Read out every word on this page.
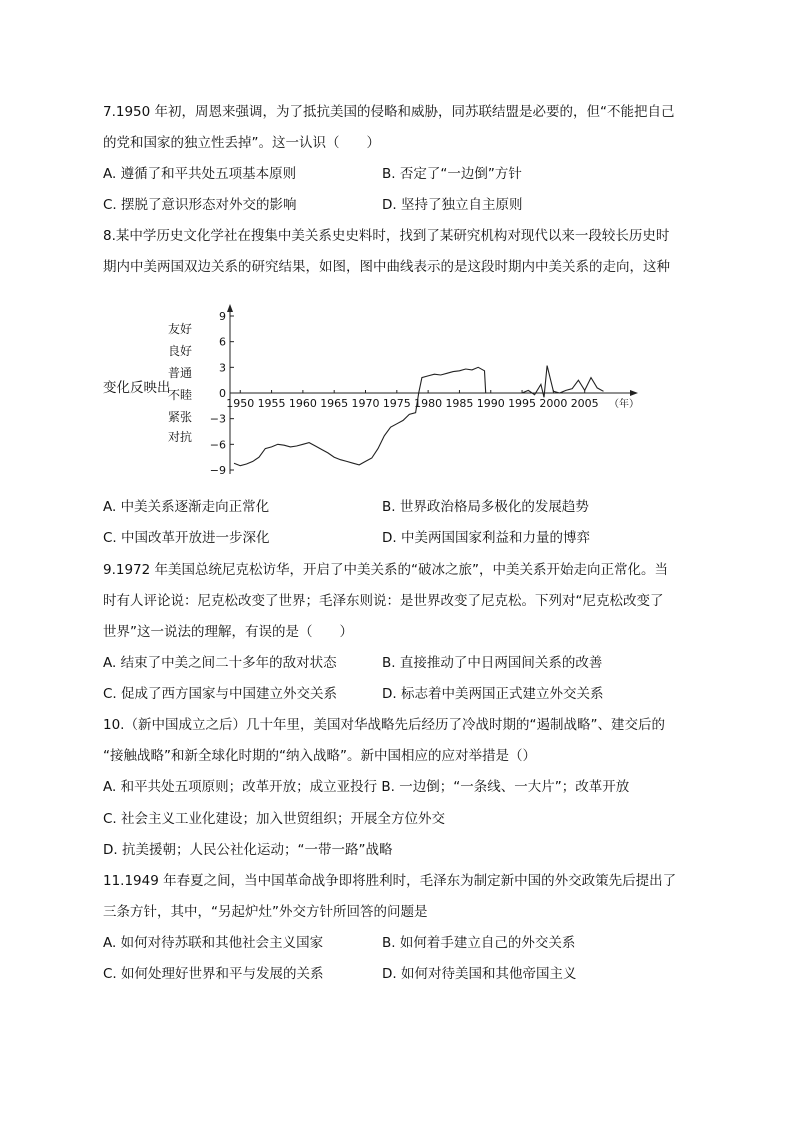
7.1950 年初，周恩来强调，为了抵抗美国的侵略和威胁，同苏联结盟是必要的，但“不能把自己
的党和国家的独立性丢掉”。这一认识（　　）
A. 遵循了和平共处五项基本原则	B. 否定了“一边倒”方针
C. 摆脱了意识形态对外交的影响	D. 坚持了独立自主原则
8.某中学历史文化学社在搜集中美关系史史料时，找到了某研究机构对现代以来一段较长历史时
期内中美两国双边关系的研究结果，如图，图中曲线表示的是这段时期内中美关系的走向，这种
变化反映出
友好
良好
普通
不睦
紧张
对抗
9
6
3
0
−3
−6
−9
1950 1955 1960 1965 1970 1975 1980 1985 1990 1995 2000 2005 （年）
A. 中美关系逐渐走向正常化	B. 世界政治格局多极化的发展趋势
C. 中国改革开放进一步深化	D. 中美两国国家利益和力量的博弈
9.1972 年美国总统尼克松访华，开启了中美关系的“破冰之旅”，中美关系开始走向正常化。当
时有人评论说：尼克松改变了世界；毛泽东则说：是世界改变了尼克松。下列对“尼克松改变了
世界”这一说法的理解，有误的是（　　）
A. 结束了中美之间二十多年的敌对状态	B. 直接推动了中日两国间关系的改善
C. 促成了西方国家与中国建立外交关系	D. 标志着中美两国正式建立外交关系
10.（新中国成立之后）几十年里，美国对华战略先后经历了冷战时期的“遏制战略”、建交后的
“接触战略”和新全球化时期的“纳入战略”。新中国相应的应对举措是（）
A. 和平共处五项原则；改革开放；成立亚投行 B. 一边倒；“一条线、一大片”；改革开放
C. 社会主义工业化建设；加入世贸组织；开展全方位外交
D. 抗美援朝；人民公社化运动；“一带一路”战略
11.1949 年春夏之间，当中国革命战争即将胜利时，毛泽东为制定新中国的外交政策先后提出了
三条方针，其中，“另起炉灶”外交方针所回答的问题是
A. 如何对待苏联和其他社会主义国家	B. 如何着手建立自己的外交关系
C. 如何处理好世界和平与发展的关系	D. 如何对待美国和其他帝国主义
